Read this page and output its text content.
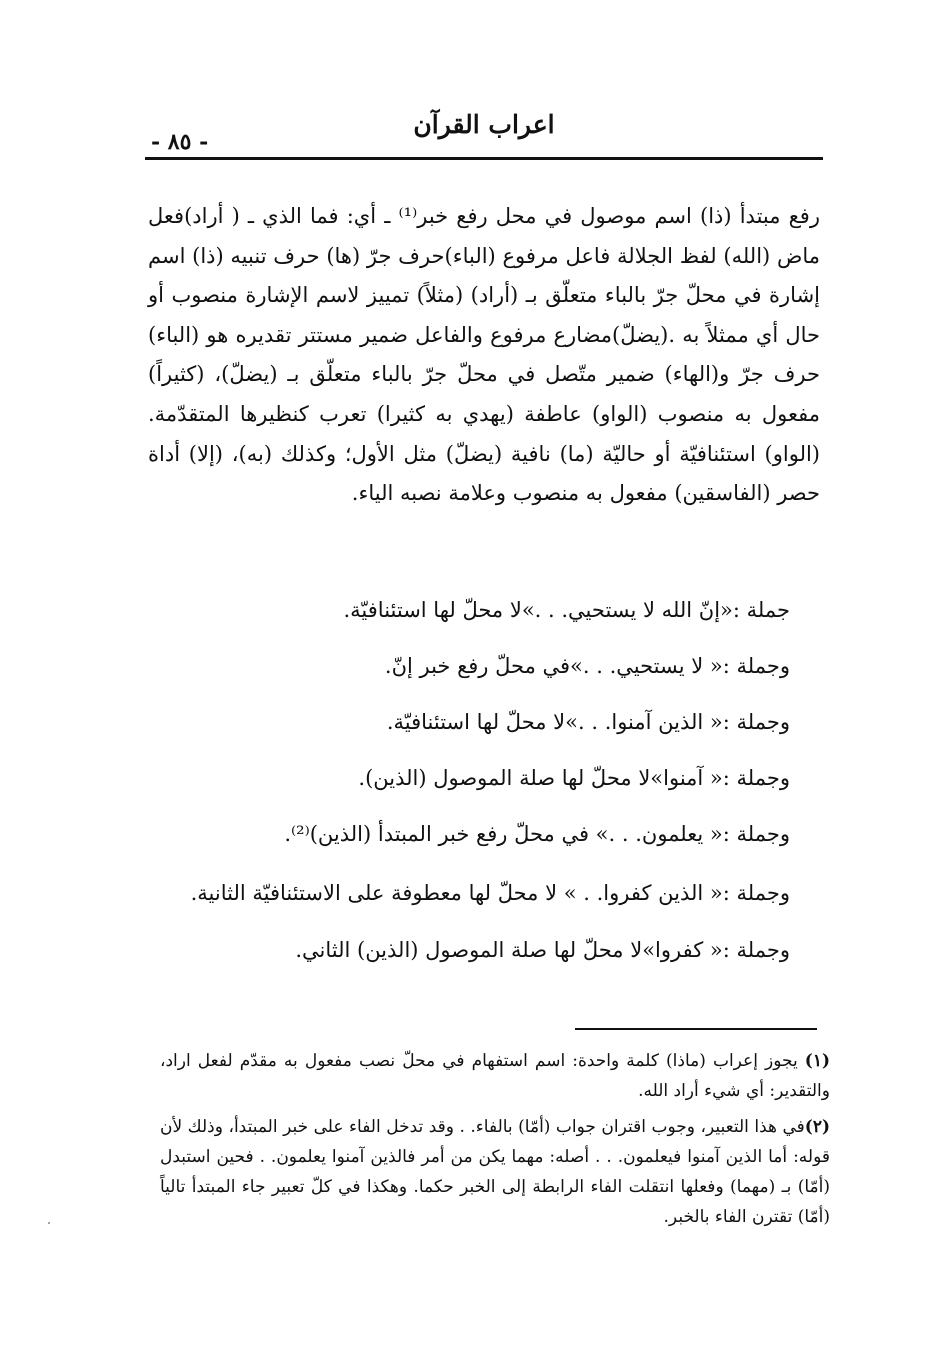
اعراب القرآن
- ٨٥ -

رفع مبتدأ (ذا) اسم موصول في محل رفع خبر⁽¹⁾ ـ أي: فما الذي ـ ( أراد)فعل ماض (الله) لفظ الجلالة فاعل مرفوع (الباء)حرف جرّ (ها) حرف تنبيه (ذا) اسم إشارة في محلّ جرّ بالباء متعلّق بـ (أراد) (مثلاً) تمييز لاسم الإشارة منصوب أو حال أي ممثلاً به .(يضلّ)مضارع مرفوع والفاعل ضمير مستتر تقديره هو (الباء) حرف جرّ و(الهاء) ضمير متّصل في محلّ جرّ بالباء متعلّق بـ (يضلّ)، (كثيراً) مفعول به منصوب (الواو) عاطفة (يهدي به كثيرا) تعرب كنظيرها المتقدّمة. (الواو) استئنافيّة أو حاليّة (ما) نافية (يضلّ) مثل الأول؛ وكذلك (به)، (إلا) أداة حصر (الفاسقين) مفعول به منصوب وعلامة نصبه الياء.

جملة :«إنّ الله لا يستحيي. . .»لا محلّ لها استئنافيّة.
وجملة :« لا يستحيي. . .»في محلّ رفع خبر إنّ.
وجملة :« الذين آمنوا. . .»لا محلّ لها استئنافيّة.
وجملة :« آمنوا»لا محلّ لها صلة الموصول (الذين).
وجملة :« يعلمون. . .» في محلّ رفع خبر المبتدأ (الذين)⁽²⁾.
وجملة :« الذين كفروا. . » لا محلّ لها معطوفة على الاستئنافيّة الثانية.
وجملة :« كفروا»لا محلّ لها صلة الموصول (الذين) الثاني.

(١) يجوز إعراب (ماذا) كلمة واحدة: اسم استفهام في محلّ نصب مفعول به مقدّم لفعل اراد، والتقدير: أي شيء أراد الله.

(٢)في هذا التعبير، وجوب اقتران جواب (أمّا) بالفاء. . وقد تدخل الفاء على خبر المبتدأ، وذلك لأن قوله: أما الذين آمنوا فيعلمون. . . أصله: مهما يكن من أمر فالذين آمنوا يعلمون. . فحين استبدل (أمّا) بـ (مهما) وفعلها انتقلت الفاء الرابطة إلى الخبر حكما. وهكذا في كلّ تعبير جاء المبتدأ تالياً (أمّا) تقترن الفاء بالخبر.
